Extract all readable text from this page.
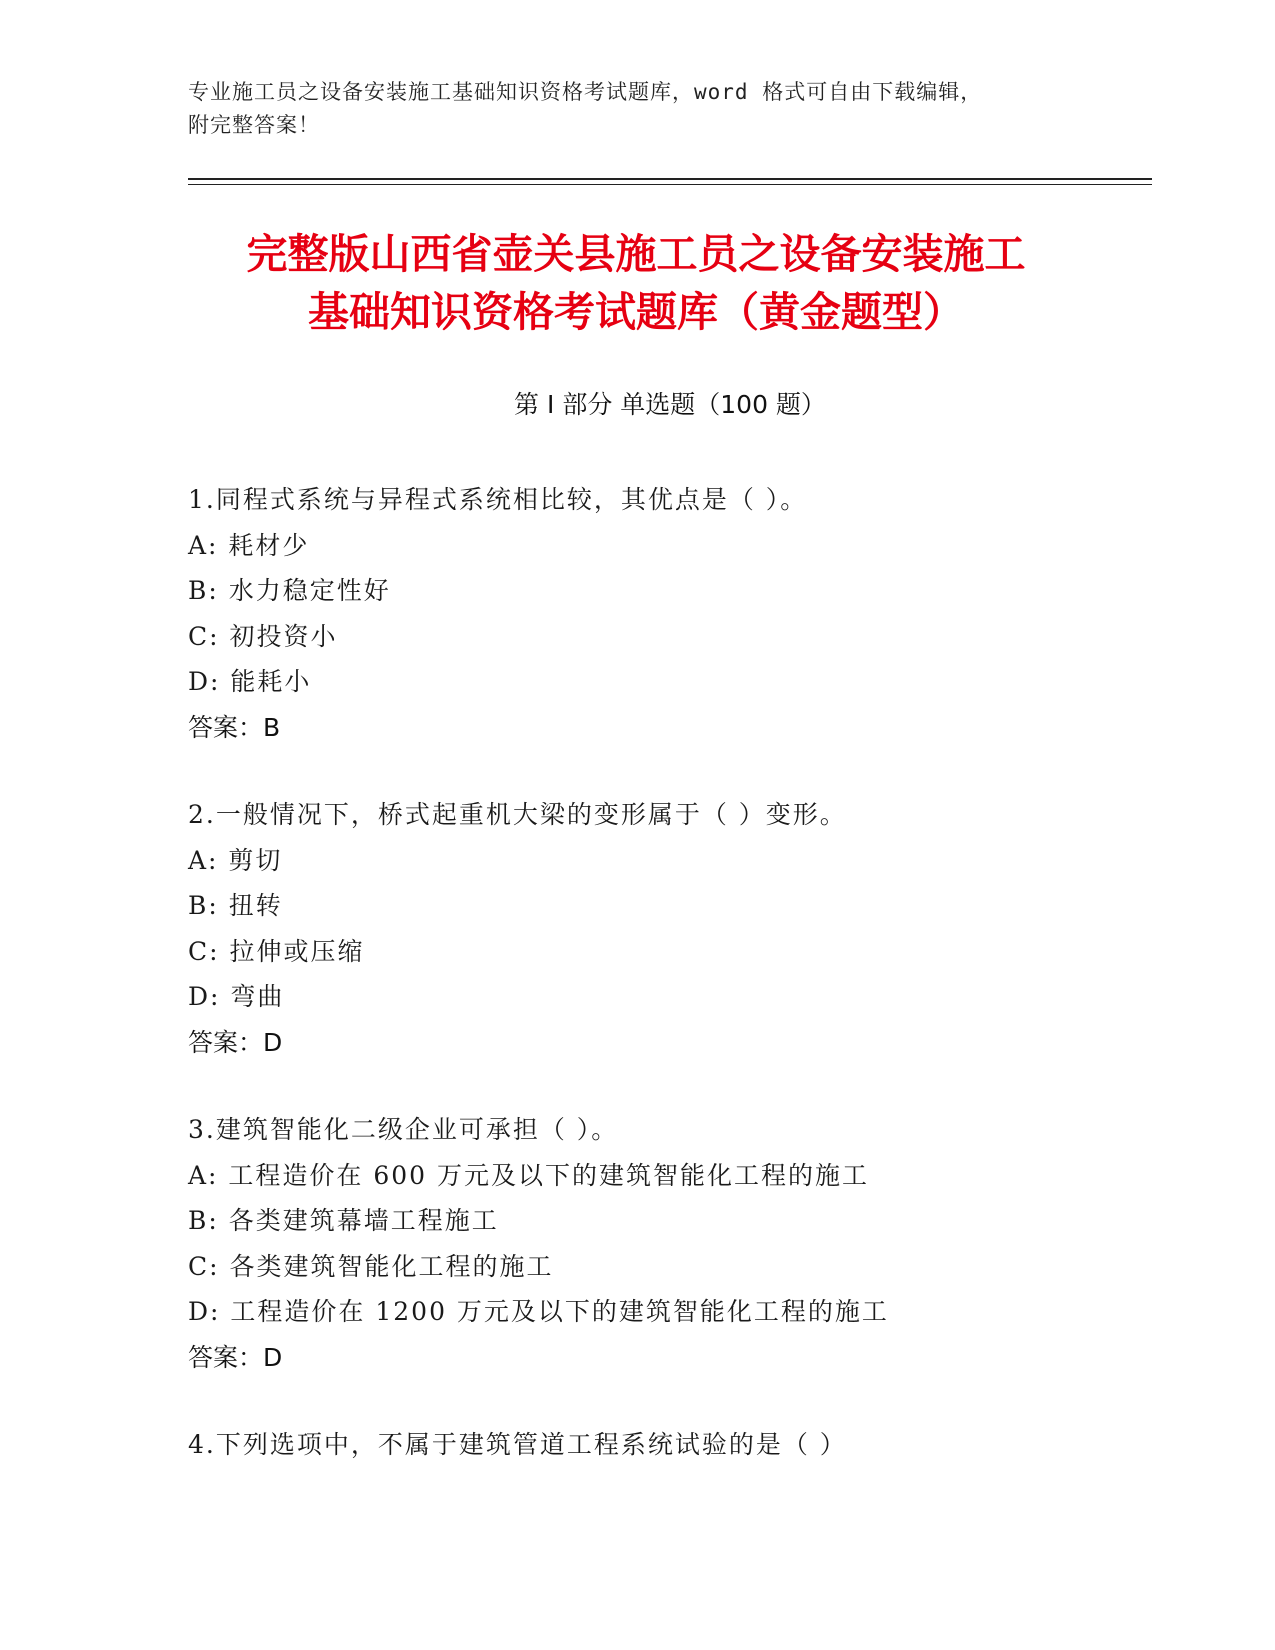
专业施工员之设备安装施工基础知识资格考试题库，word 格式可自由下载编辑，
附完整答案！
完整版山西省壶关县施工员之设备安装施工
基础知识资格考试题库（黄金题型）
第 I 部分 单选题（100 题）
1.同程式系统与异程式系统相比较，其优点是（ ）。
A: 耗材少
B: 水力稳定性好
C: 初投资小
D: 能耗小
答案：B
2.一般情况下，桥式起重机大梁的变形属于（ ）变形。
A: 剪切
B: 扭转
C: 拉伸或压缩
D: 弯曲
答案：D
3.建筑智能化二级企业可承担（ ）。
A: 工程造价在 600 万元及以下的建筑智能化工程的施工
B: 各类建筑幕墙工程施工
C: 各类建筑智能化工程的施工
D: 工程造价在 1200 万元及以下的建筑智能化工程的施工
答案：D
4.下列选项中，不属于建筑管道工程系统试验的是（ ）
